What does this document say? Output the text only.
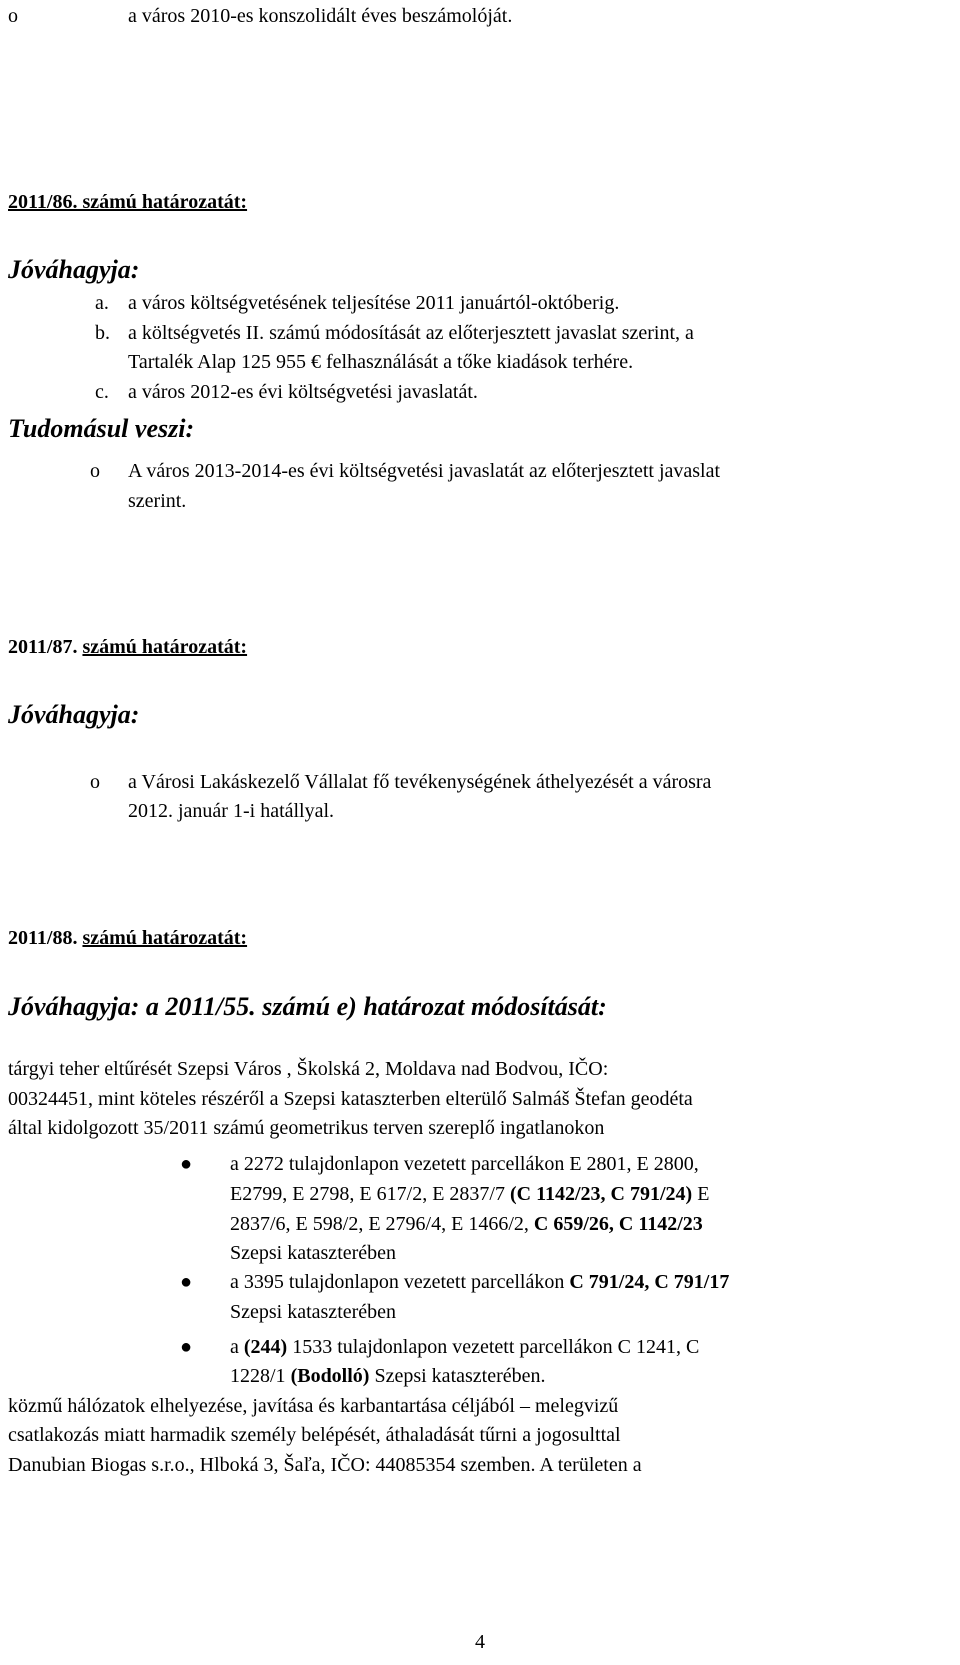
o	a város 2010-es konszolidált éves beszámolóját.
2011/86. számú határozatát:
Jóváhagyja:
a. a város költségvetésének teljesítése 2011 januártól-októberig.
b. a költségvetés II. számú módosítását az előterjesztett javaslat szerint, a
Tartalék Alap 125 955 € felhasználását a tőke kiadások terhére.
c. a város 2012-es évi költségvetési javaslatát.
Tudomásul veszi:
o	A város 2013-2014-es évi költségvetési javaslatát az előterjesztett javaslat
szerint.
2011/87. számú határozatát:
Jóváhagyja:
o	a Városi Lakáskezelő Vállalat fő tevékenységének áthelyezését a városra
2012. január 1-i hatállyal.
2011/88. számú határozatát:
Jóváhagyja: a 2011/55. számú e) határozat módosítását:
tárgyi teher eltűrését Szepsi Város , Školská 2, Moldava nad Bodvou, IČO:
00324451, mint köteles részéről a Szepsi kataszterben elterülő Salmáš Štefan geodéta
által kidolgozott 35/2011 számú geometrikus terven szereplő ingatlanokon
● a 2272 tulajdonlapon vezetett parcellákon E 2801, E 2800,
E2799, E 2798, E 617/2, E 2837/7 (C 1142/23, C 791/24) E
2837/6, E 598/2, E 2796/4, E 1466/2, C 659/26, C 1142/23
Szepsi kataszterében
● a 3395 tulajdonlapon vezetett parcellákon C 791/24, C 791/17
Szepsi kataszterében
● a (244) 1533 tulajdonlapon vezetett parcellákon C 1241, C
1228/1 (Bodolló) Szepsi kataszterében.
közmű hálózatok elhelyezése, javítása és karbantartása céljából – melegvizű
csatlakozás miatt harmadik személy belépését, áthaladását tűrni a jogosulttal
Danubian Biogas s.r.o., Hlboká 3, Šaľa, IČO: 44085354 szemben. A területen a
4
